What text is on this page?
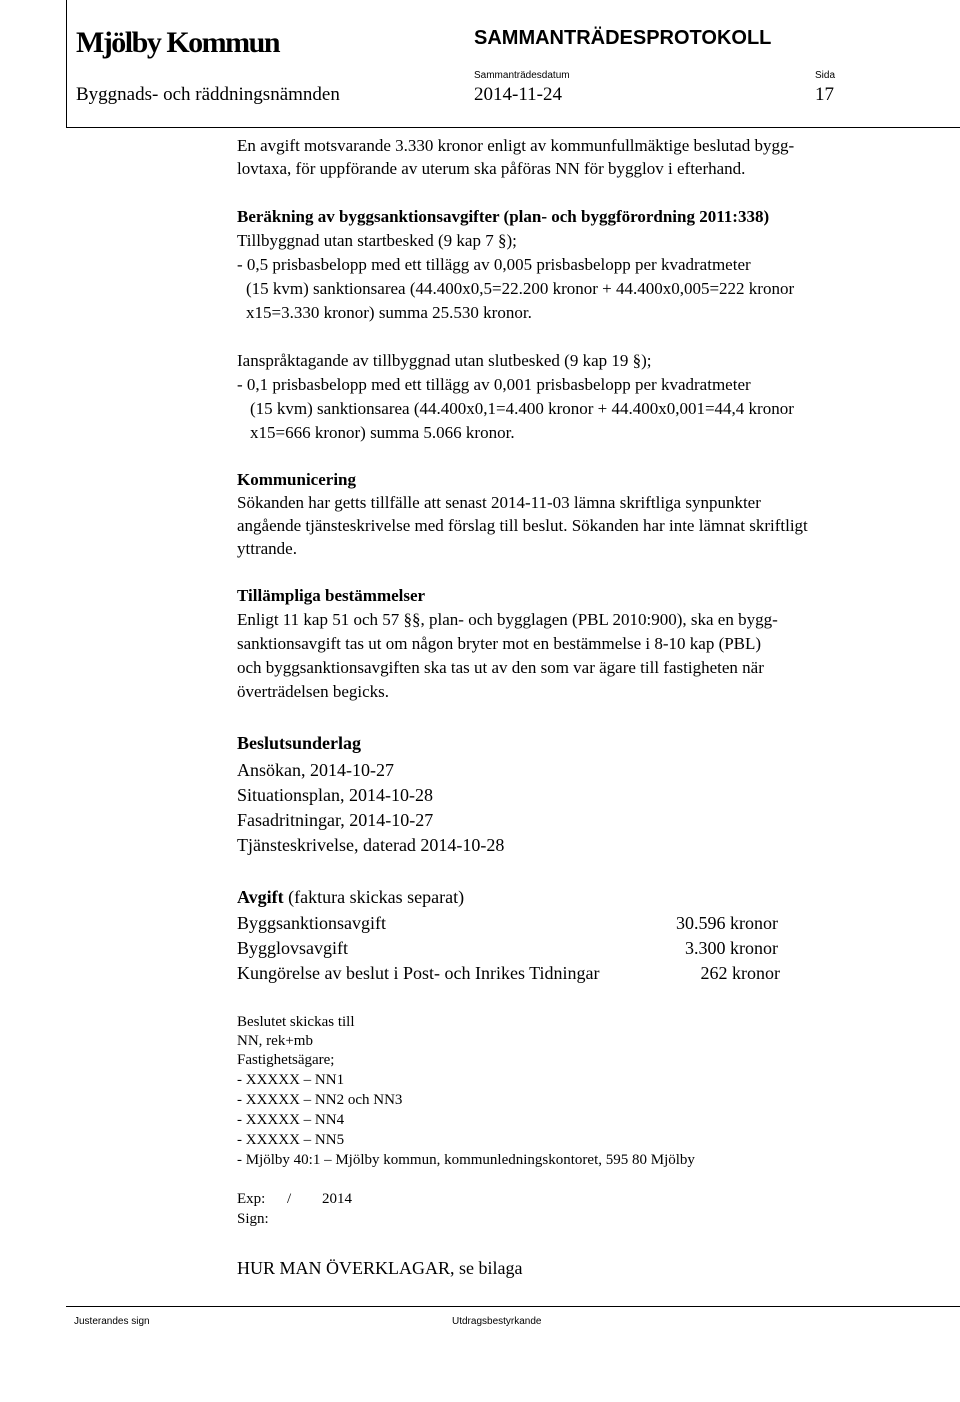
Mjölby Kommun	SAMMANTRÄDESPROTOKOLL
Sammanträdesdatum	Sida
Byggnads- och räddningsnämnden	2014-11-24	17
En avgift motsvarande 3.330 kronor enligt av kommunfullmäktige beslutad bygg-
lovtaxa, för uppförande av uterum ska påföras NN för bygglov i efterhand.
Beräkning av byggsanktionsavgifter (plan- och byggförordning 2011:338)
Tillbyggnad utan startbesked (9 kap 7 §);
- 0,5 prisbasbelopp med ett tillägg av 0,005 prisbasbelopp per kvadratmeter
(15 kvm) sanktionsarea (44.400x0,5=22.200 kronor + 44.400x0,005=222 kronor
x15=3.330 kronor) summa 25.530 kronor.
Ianspråktagande av tillbyggnad utan slutbesked (9 kap 19 §);
- 0,1 prisbasbelopp med ett tillägg av 0,001 prisbasbelopp per kvadratmeter
(15 kvm) sanktionsarea (44.400x0,1=4.400 kronor + 44.400x0,001=44,4 kronor
x15=666 kronor) summa 5.066 kronor.
Kommunicering
Sökanden har getts tillfälle att senast 2014-11-03 lämna skriftliga synpunkter
angående tjänsteskrivelse med förslag till beslut. Sökanden har inte lämnat skriftligt
yttrande.
Tillämpliga bestämmelser
Enligt 11 kap 51 och 57 §§, plan- och bygglagen (PBL 2010:900), ska en bygg-
sanktionsavgift tas ut om någon bryter mot en bestämmelse i 8-10 kap (PBL)
och byggsanktionsavgiften ska tas ut av den som var ägare till fastigheten när
överträdelsen begicks.
Beslutsunderlag
Ansökan, 2014-10-27
Situationsplan, 2014-10-28
Fasadritningar, 2014-10-27
Tjänsteskrivelse, daterad 2014-10-28
Avgift (faktura skickas separat)
Byggsanktionsavgift	30.596 kronor
Bygglovsavgift	3.300 kronor
Kungörelse av beslut i Post- och Inrikes Tidningar	262 kronor
Beslutet skickas till
NN, rek+mb
Fastighetsägare;
- XXXXX – NN1
- XXXXX – NN2 och NN3
- XXXXX – NN4
- XXXXX – NN5
- Mjölby 40:1 – Mjölby kommun, kommunledningskontoret, 595 80 Mjölby
Exp: / 2014
Sign:
HUR MAN ÖVERKLAGAR, se bilaga
Justerandes sign	Utdragsbestyrkande
